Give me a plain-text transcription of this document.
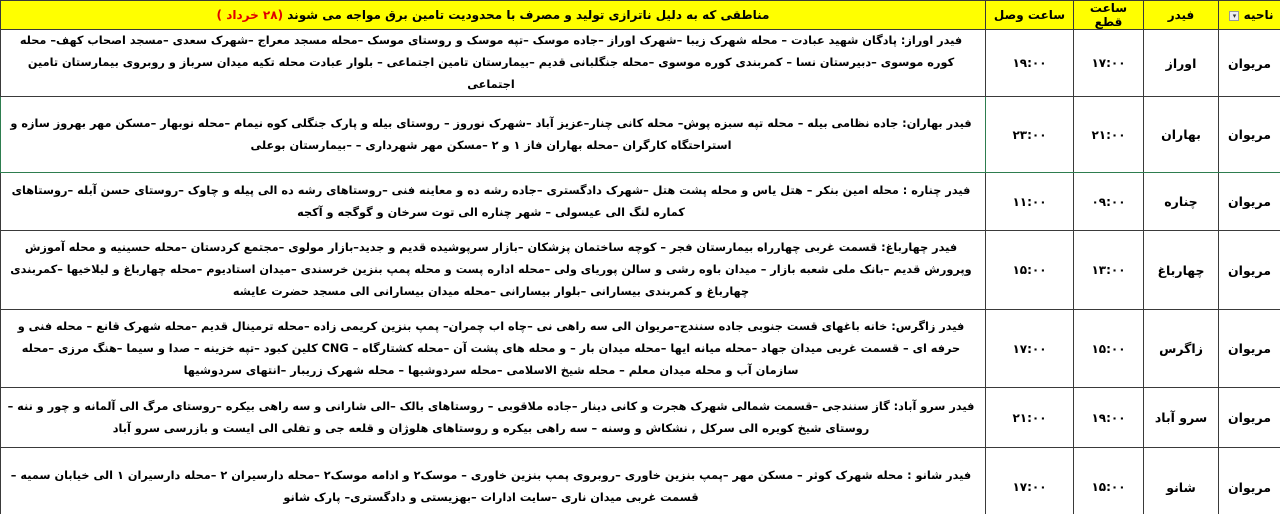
مناطقی که به دلیل ناترازی تولید و مصرف با محدودیت تامین برق مواجه می شوند (۲۸ خرداد )	ساعت وصل	ساعت قطع	فیدر	▾ ناحیه
فیدر اوراز: پادگان شهید عبادت – محله شهرک زیبا –شهرک اوراز –جاده موسک –تپه موسک و روستای موسک –محله مسجد معراج –شهرک سعدی –مسجد اصحاب کهف– محله کوره موسوی –دبیرستان نسا – کمربندی کوره موسوی –محله جنگلبانی قدیم –بیمارستان تامین اجتماعی – بلوار عبادت محله تکیه میدان سرباز و روبروی بیمارستان تامین اجتماعی	۱۹:۰۰	۱۷:۰۰	اوراز	مریوان
فیدر بهاران: جاده نظامی بیله – محله تپه سبزه پوش– محله کانی چنار–عزیز آباد –شهرک نوروز – روستای بیله و پارک جنگلی کوه نیمام –محله نوبهار –مسکن مهر بهروز سازه و استراحتگاه کارگران –محله بهاران فاز ۱ و ۲ –مسکن مهر شهرداری – –بیمارستان بوعلی	۲۳:۰۰	۲۱:۰۰	بهاران	مریوان
فیدر چناره : محله امین بنکر – هتل یاس و محله پشت هتل –شهرک دادگستری –جاده رشه ده و معاینه فنی –روستاهای رشه ده الی پیله و چاوک –روستای حسن آبله –روستاهای کماره لنگ الی عیسولی – شهر چناره الی توت سرخان و گوگجه و آکجه	۱۱:۰۰	۰۹:۰۰	چناره	مریوان
فیدر چهارباغ: قسمت غربی چهارراه بیمارستان فجر – کوچه ساختمان پزشکان –بازار سرپوشیده قدیم و جدید–بازار مولوی –مجتمع کردستان –محله حسینیه و محله آموزش وپرورش قدیم –بانک ملی شعبه بازار – میدان باوه رشی و سالن پوریای ولی –محله اداره پست و محله پمپ بنزین خرسندی –میدان استادیوم –محله چهارباغ و لیلاخیها –کمربندی چهارباغ و کمربندی بیسارانی –بلوار بیسارانی –محله میدان بیسارانی الی مسجد حضرت عایشه	۱۵:۰۰	۱۳:۰۰	چهارباغ	مریوان
فیدر زاگرس: خانه باغهای قست جنوبی جاده سنندج–مریوان الی سه راهی نی –چاه اب چمران– پمپ بنزین کریمی زاده –محله ترمینال قدیم –محله شهرک قانع – محله فنی و حرفه ای – قسمت غربی میدان جهاد –محله میانه ایها –محله میدان بار – و محله های پشت آن –محله کشتارگاه – CNG کلین کبود –تپه خزینه – صدا و سیما –هنگ مرزی –محله سازمان آب و محله میدان معلم – محله شیخ الاسلامی –محله سردوشیها – محله شهرک زریبار –انتهای سردوشیها	۱۷:۰۰	۱۵:۰۰	زاگرس	مریوان
فیدر سرو آباد: گاز سنندجی –قسمت شمالی شهرک هجرت و کانی دینار –جاده ملاقوبی – روستاهای بالک –الی شارانی و سه راهی بیکره –روستای مرگ الی آلمانه و چور و ننه – روستای شیخ کویره الی سرکل , نشکاش و وسنه – سه راهی بیکره و روستاهای هلوژان و قلعه جی و تفلی الی ایست و بازرسی سرو آباد	۲۱:۰۰	۱۹:۰۰	سرو آباد	مریوان
فیدر شانو : محله شهرک کوثر – مسکن مهر –پمپ بنزین خاوری –روبروی پمپ بنزین خاوری – موسک۲ و ادامه موسک۲ –محله دارسیران ۲ –محله دارسیران ۱ الی خیابان سمیه –قسمت غربی میدان ناری –سایت ادارات –بهزیستی و دادگستری– پارک شانو	۱۷:۰۰	۱۵:۰۰	شانو	مریوان
